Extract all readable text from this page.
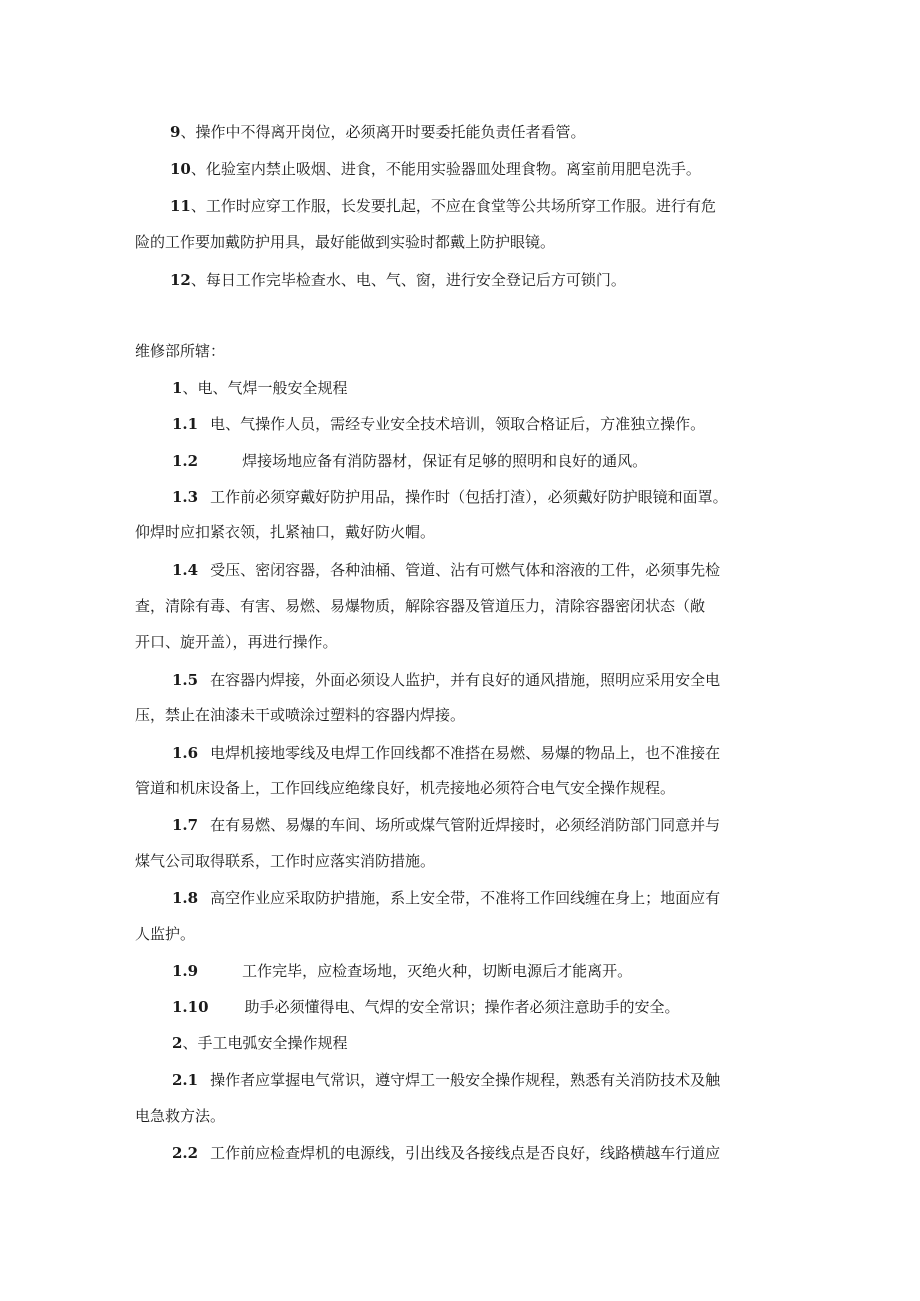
9、操作中不得离开岗位，必须离开时要委托能负责任者看管。
10、化验室内禁止吸烟、进食，不能用实验器皿处理食物。离室前用肥皂洗手。
11、工作时应穿工作服，长发要扎起，不应在食堂等公共场所穿工作服。进行有危
险的工作要加戴防护用具，最好能做到实验时都戴上防护眼镜。
12、每日工作完毕检查水、电、气、窗，进行安全登记后方可锁门。
维修部所辖：
1、电、气焊一般安全规程
1.1 电、气操作人员，需经专业安全技术培训，领取合格证后，方准独立操作。
1.2	焊接场地应备有消防器材，保证有足够的照明和良好的通风。
1.3 工作前必须穿戴好防护用品，操作时（包括打渣），必须戴好防护眼镜和面罩。
仰焊时应扣紧衣领，扎紧袖口，戴好防火帽。
1.4 受压、密闭容器，各种油桶、管道、沾有可燃气体和溶液的工件，必须事先检
查，清除有毒、有害、易燃、易爆物质，解除容器及管道压力，清除容器密闭状态（敞
开口、旋开盖），再进行操作。
1.5 在容器内焊接，外面必须设人监护，并有良好的通风措施，照明应采用安全电
压，禁止在油漆未干或喷涂过塑料的容器内焊接。
1.6 电焊机接地零线及电焊工作回线都不准搭在易燃、易爆的物品上，也不准接在
管道和机床设备上，工作回线应绝缘良好，机壳接地必须符合电气安全操作规程。
1.7 在有易燃、易爆的车间、场所或煤气管附近焊接时，必须经消防部门同意并与
煤气公司取得联系，工作时应落实消防措施。
1.8 高空作业应采取防护措施，系上安全带，不准将工作回线缠在身上；地面应有
人监护。
1.9	工作完毕，应检查场地，灭绝火种，切断电源后才能离开。
1.10 助手必须懂得电、气焊的安全常识；操作者必须注意助手的安全。
2、手工电弧安全操作规程
2.1 操作者应掌握电气常识，遵守焊工一般安全操作规程，熟悉有关消防技术及触
电急救方法。
2.2 工作前应检查焊机的电源线，引出线及各接线点是否良好，线路横越车行道应
